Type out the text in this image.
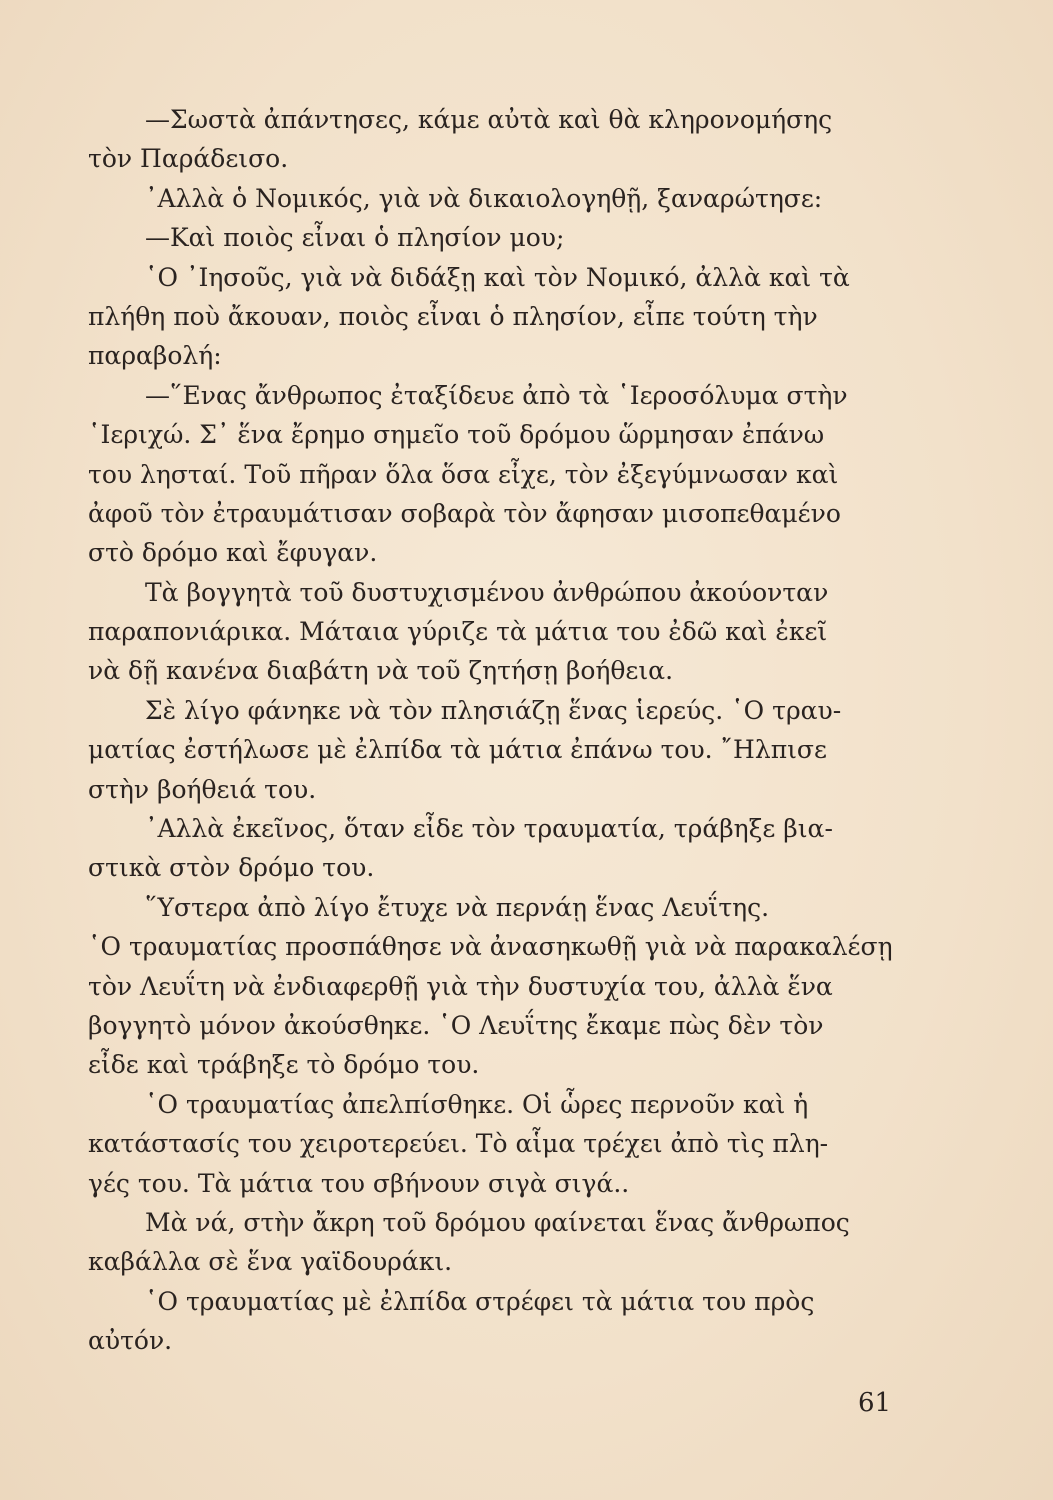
—Σωστὰ ἀπάντησες, κάμε αὐτὰ καὶ θὰ κληρονομήσης
τὸν Παράδεισο.
᾿Αλλὰ ὁ Νομικός, γιὰ νὰ δικαιολογηθῇ, ξαναρώτησε:
—Καὶ ποιὸς εἶναι ὁ πλησίον μου;
῾Ο ᾿Ιησοῦς, γιὰ νὰ διδάξῃ καὶ τὸν Νομικό, ἀλλὰ καὶ τὰ
πλήθη ποὺ ἄκουαν, ποιὸς εἶναι ὁ πλησίον, εἶπε τούτη τὴν
παραβολή:
—῞Ενας ἄνθρωπος ἐταξίδευε ἀπὸ τὰ ῾Ιεροσόλυμα στὴν
῾Ιεριχώ. Σ᾿ ἕνα ἔρημο σημεῖο τοῦ δρόμου ὥρμησαν ἐπάνω
του λησταί. Τοῦ πῆραν ὅλα ὅσα εἶχε, τὸν ἐξεγύμνωσαν καὶ
ἀφοῦ τὸν ἐτραυμάτισαν σοβαρὰ τὸν ἄφησαν μισοπεθαμένο
στὸ δρόμο καὶ ἔφυγαν.
Τὰ βογγητὰ τοῦ δυστυχισμένου ἀνθρώπου ἀκούονταν
παραπονιάρικα. Μάταια γύριζε τὰ μάτια του ἐδῶ καὶ ἐκεῖ
νὰ δῇ κανένα διαβάτη νὰ τοῦ ζητήσῃ βοήθεια.
Σὲ λίγο φάνηκε νὰ τὸν πλησιάζῃ ἕνας ἱερεύς. ῾Ο τραυ-
ματίας ἐστήλωσε μὲ ἐλπίδα τὰ μάτια ἐπάνω του. ῎Ηλπισε
στὴν βοήθειά του.
᾿Αλλὰ ἐκεῖνος, ὅταν εἶδε τὸν τραυματία, τράβηξε βια-
στικὰ στὸν δρόμο του.
῞Υστερα ἀπὸ λίγο ἔτυχε νὰ περνάῃ ἕνας Λευΐτης.
῾Ο τραυματίας προσπάθησε νὰ ἀνασηκωθῇ γιὰ νὰ παρακαλέσῃ
τὸν Λευΐτη νὰ ἐνδιαφερθῇ γιὰ τὴν δυστυχία του, ἀλλὰ ἕνα
βογγητὸ μόνον ἀκούσθηκε. ῾Ο Λευΐτης ἔκαμε πὼς δὲν τὸν
εἶδε καὶ τράβηξε τὸ δρόμο του.
῾Ο τραυματίας ἀπελπίσθηκε. Οἱ ὧρες περνοῦν καὶ ἡ
κατάστασίς του χειροτερεύει. Τὸ αἷμα τρέχει ἀπὸ τὶς πλη-
γές του. Τὰ μάτια του σβήνουν σιγὰ σιγά..
Μὰ νά, στὴν ἄκρη τοῦ δρόμου φαίνεται ἕνας ἄνθρωπος
καβάλλα σὲ ἕνα γαϊδουράκι.
῾Ο τραυματίας μὲ ἐλπίδα στρέφει τὰ μάτια του πρὸς
αὐτόν.
61
